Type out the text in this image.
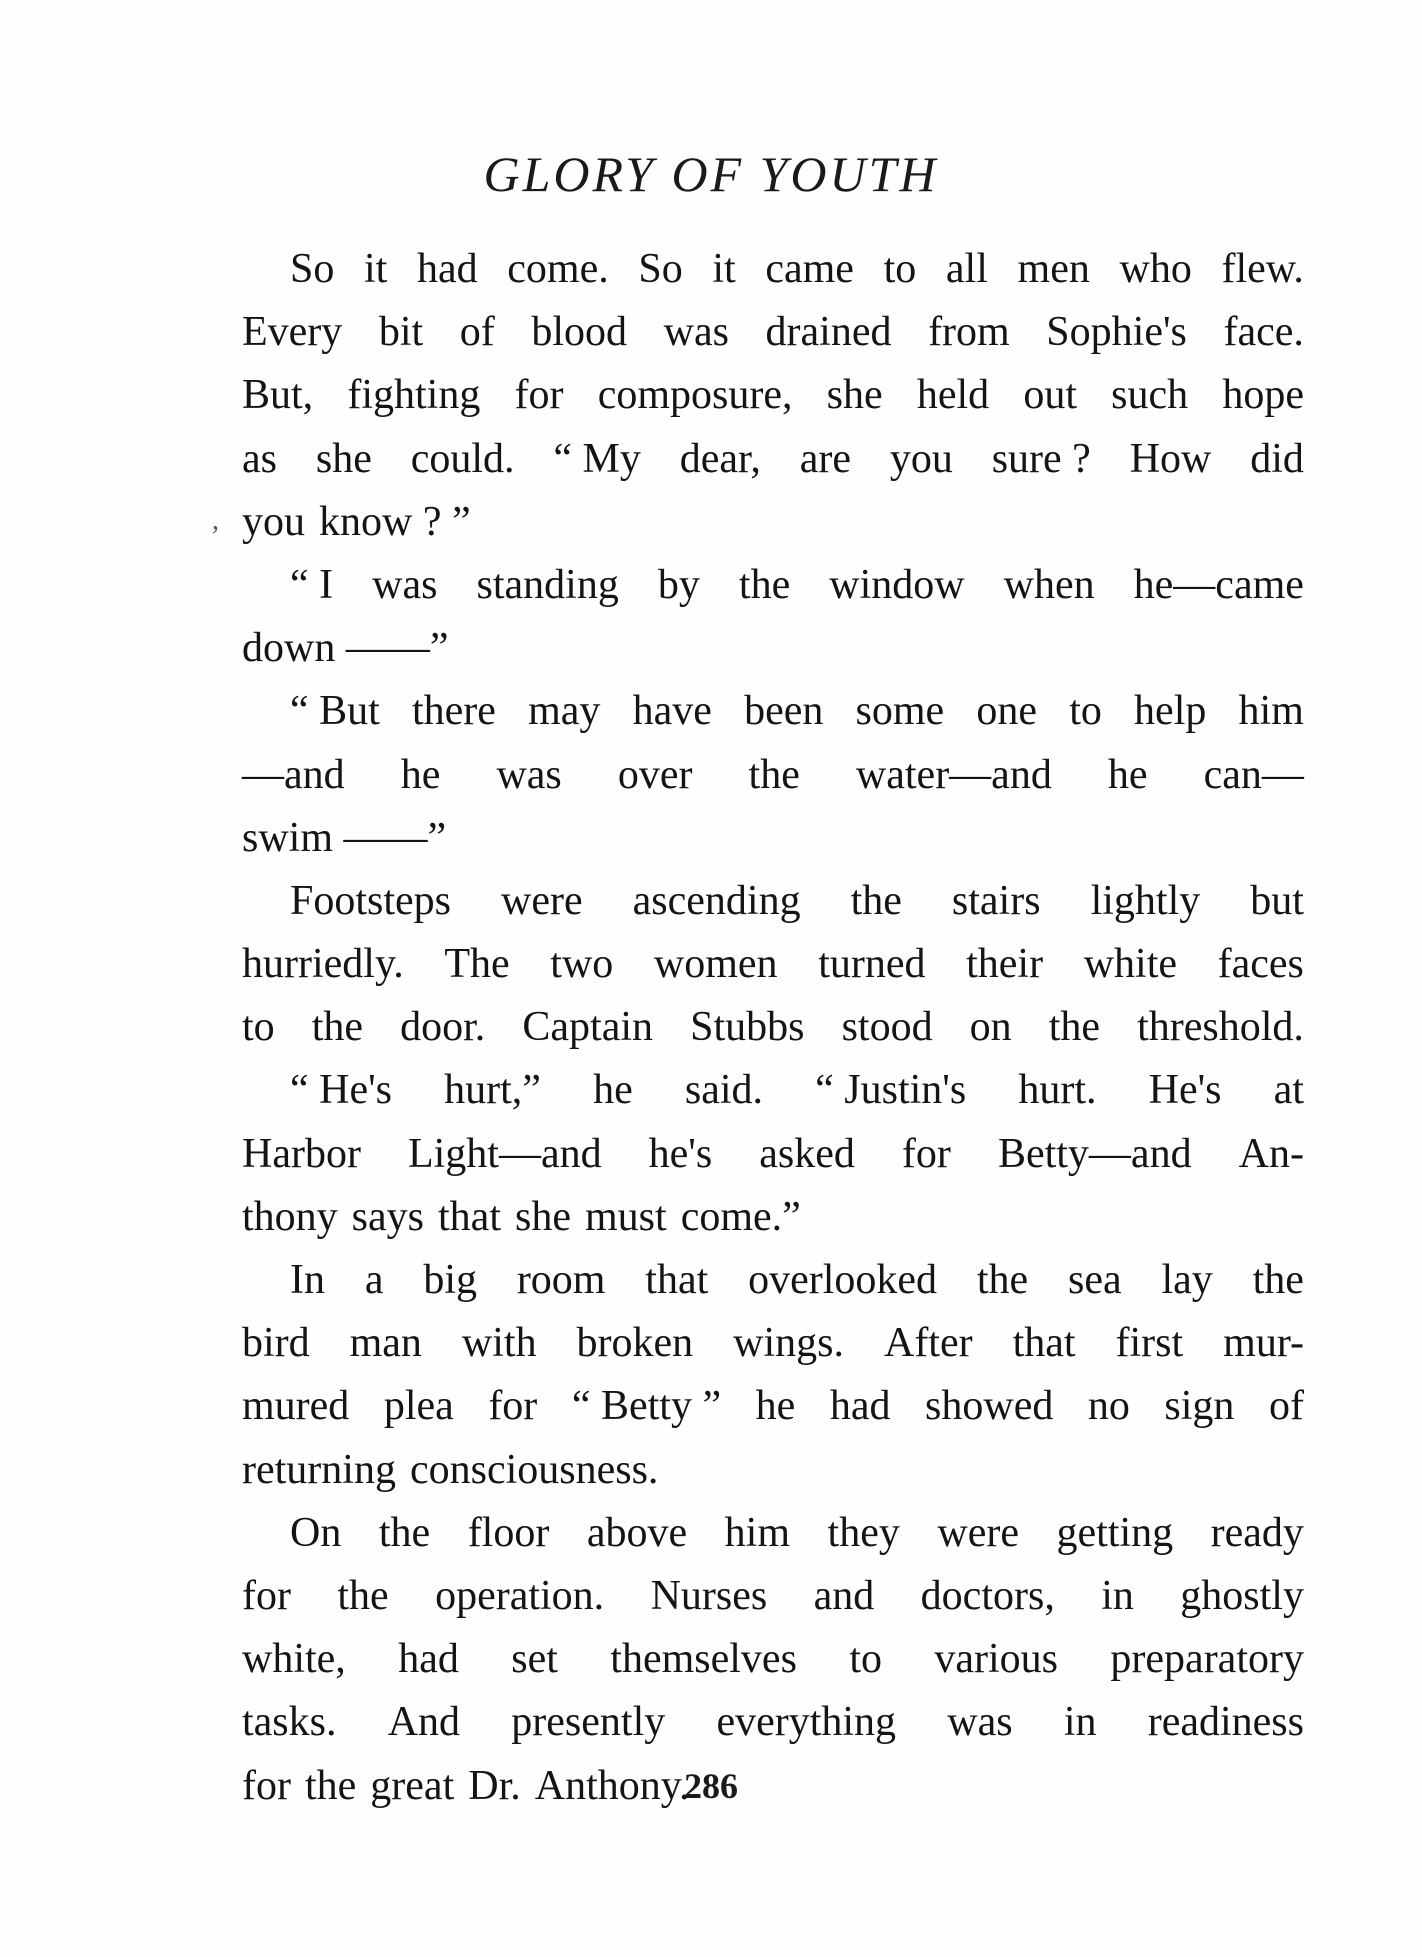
GLORY OF YOUTH
So it had come. So it came to all men who flew.
Every bit of blood was drained from Sophie's face.
But, fighting for composure, she held out such hope
as she could. “ My dear, are you sure ? How did
you know ? ”
“ I was standing by the window when he—came
down ——”
“ But there may have been some one to help him
—and he was over the water—and he can—
swim ——”
Footsteps were ascending the stairs lightly but
hurriedly. The two women turned their white faces
to the door. Captain Stubbs stood on the threshold.
“ He's hurt,” he said. “ Justin's hurt. He's at
Harbor Light—and he's asked for Betty—and An-
thony says that she must come.”
In a big room that overlooked the sea lay the
bird man with broken wings. After that first mur-
mured plea for “ Betty ” he had showed no sign of
returning consciousness.
On the floor above him they were getting ready
for the operation. Nurses and doctors, in ghostly
white, had set themselves to various preparatory
tasks. And presently everything was in readiness
for the great Dr. Anthony.
,
286
